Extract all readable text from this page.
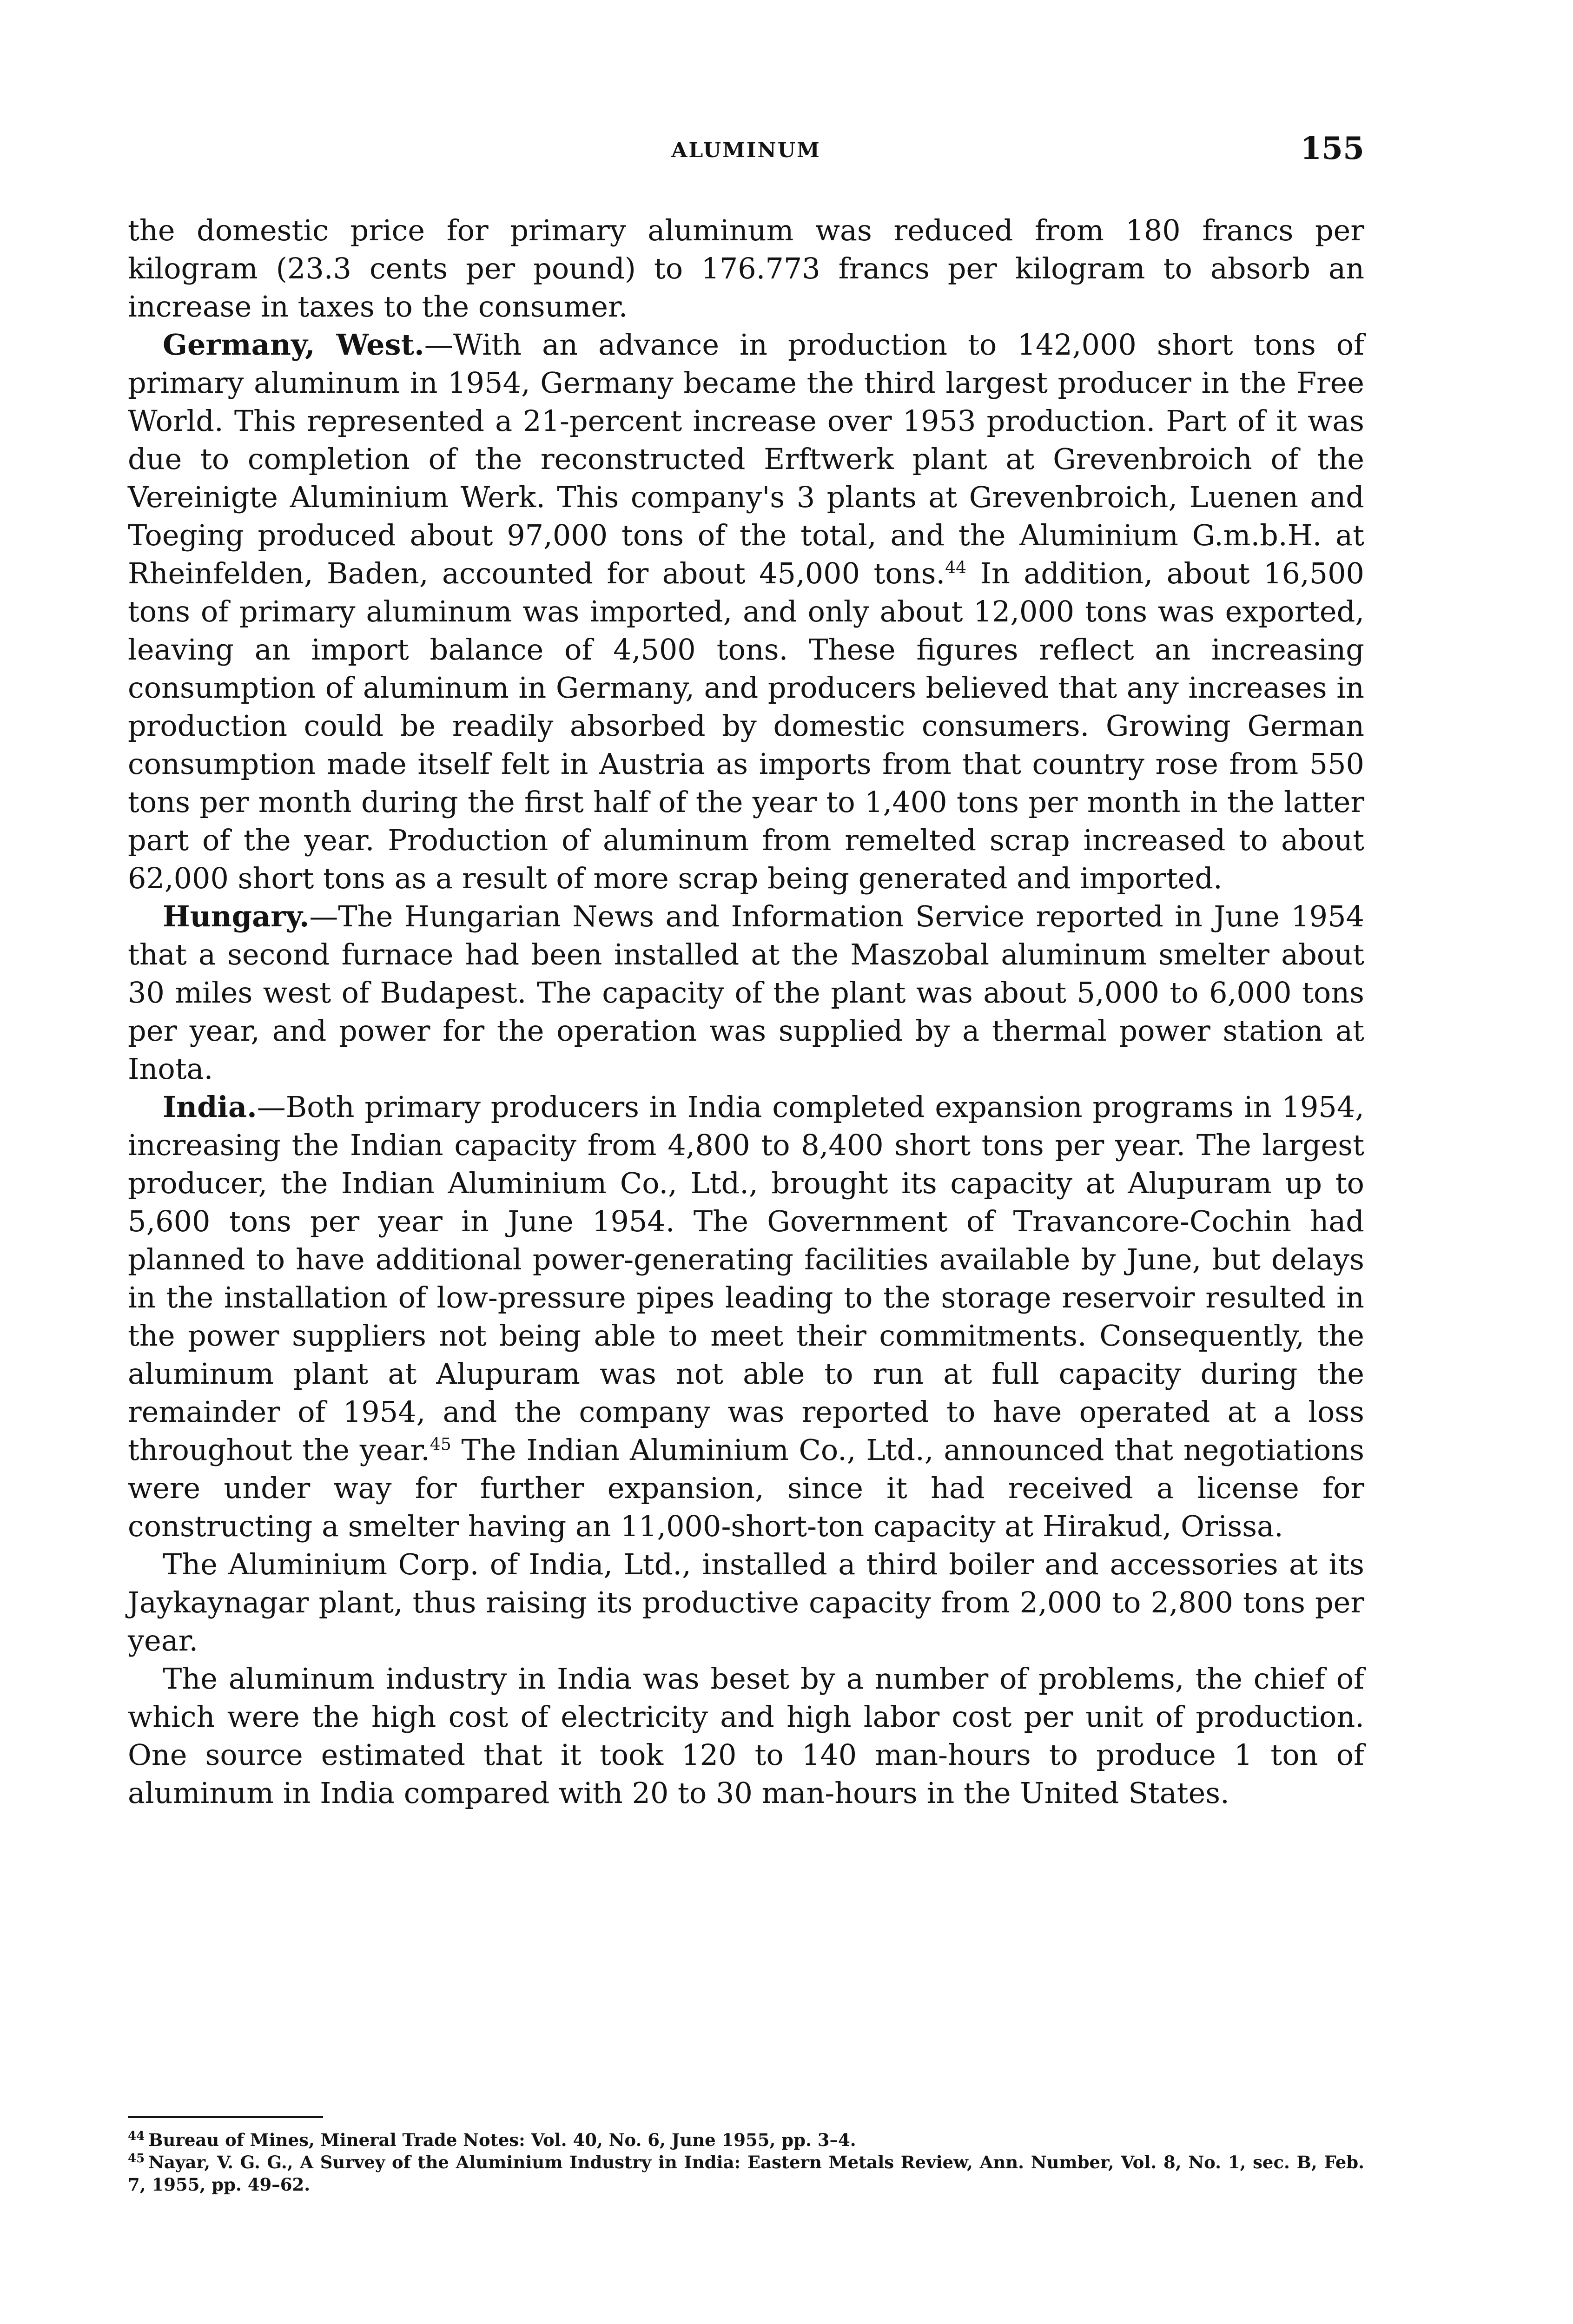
ALUMINUM	155

the domestic price for primary aluminum was reduced from 180 francs per kilogram (23.3 cents per pound) to 176.773 francs per kilogram to absorb an increase in taxes to the consumer.

Germany, West.—With an advance in production to 142,000 short tons of primary aluminum in 1954, Germany became the third largest producer in the Free World. This represented a 21-percent increase over 1953 production. Part of it was due to completion of the reconstructed Erftwerk plant at Grevenbroich of the Vereinigte Aluminium Werk. This company's 3 plants at Grevenbroich, Luenen and Toeging produced about 97,000 tons of the total, and the Aluminium G.m.b.H. at Rheinfelden, Baden, accounted for about 45,000 tons.$^{44}$ In addition, about 16,500 tons of primary aluminum was imported, and only about 12,000 tons was exported, leaving an import balance of 4,500 tons. These figures reflect an increasing consumption of aluminum in Germany, and producers believed that any increases in production could be readily absorbed by domestic consumers. Growing German consumption made itself felt in Austria as imports from that country rose from 550 tons per month during the first half of the year to 1,400 tons per month in the latter part of the year. Production of aluminum from remelted scrap increased to about 62,000 short tons as a result of more scrap being generated and imported.

Hungary.—The Hungarian News and Information Service reported in June 1954 that a second furnace had been installed at the Maszobal aluminum smelter about 30 miles west of Budapest. The capacity of the plant was about 5,000 to 6,000 tons per year, and power for the operation was supplied by a thermal power station at Inota.

India.—Both primary producers in India completed expansion programs in 1954, increasing the Indian capacity from 4,800 to 8,400 short tons per year. The largest producer, the Indian Aluminium Co., Ltd., brought its capacity at Alupuram up to 5,600 tons per year in June 1954. The Government of Travancore-Cochin had planned to have additional power-generating facilities available by June, but delays in the installation of low-pressure pipes leading to the storage reservoir resulted in the power suppliers not being able to meet their commitments. Consequently, the aluminum plant at Alupuram was not able to run at full capacity during the remainder of 1954, and the company was reported to have operated at a loss throughout the year.$^{45}$ The Indian Aluminium Co., Ltd., announced that negotiations were under way for further expansion, since it had received a license for constructing a smelter having an 11,000-short-ton capacity at Hirakud, Orissa.

The Aluminium Corp. of India, Ltd., installed a third boiler and accessories at its Jaykaynagar plant, thus raising its productive capacity from 2,000 to 2,800 tons per year.

The aluminum industry in India was beset by a number of problems, the chief of which were the high cost of electricity and high labor cost per unit of production. One source estimated that it took 120 to 140 man-hours to produce 1 ton of aluminum in India compared with 20 to 30 man-hours in the United States.

$^{44}$ Bureau of Mines, Mineral Trade Notes: Vol. 40, No. 6, June 1955, pp. 3–4.

$^{45}$ Nayar, V. G. G., A Survey of the Aluminium Industry in India: Eastern Metals Review, Ann. Number, Vol. 8, No. 1, sec. B, Feb. 7, 1955, pp. 49–62.
